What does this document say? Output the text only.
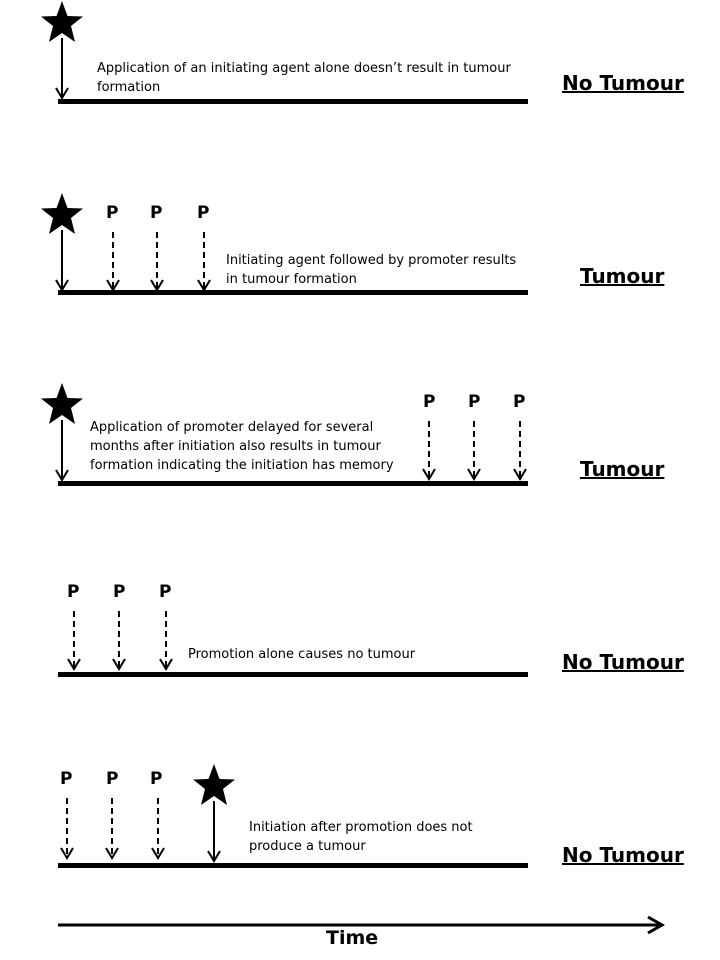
Application of an initiating agent alone doesn’t result in tumour formation	No Tumour
P P P
Initiating agent followed by promoter results in tumour formation	Tumour
Application of promoter delayed for several months after initiation also results in tumour formation indicating the initiation has memory
P P P
Tumour
P P P
Promotion alone causes no tumour	No Tumour
P P P
Initiation after promotion does not produce a tumour	No Tumour
Time
